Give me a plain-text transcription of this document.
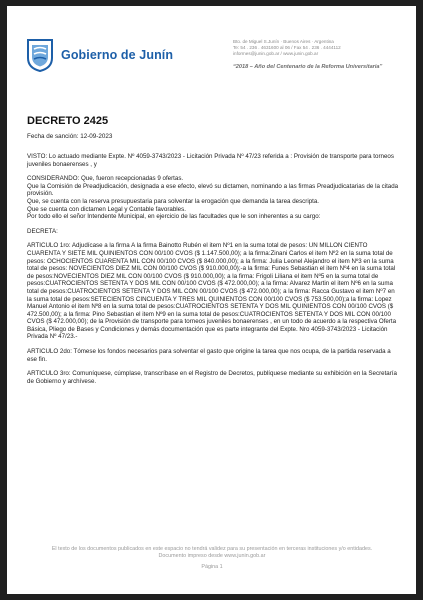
Gobierno de Junín
Bto. de Miguel S.Junín · Buenos Aires · Argentina
Te: 54 . 236 . 4631600 al 06 / Fax 54 . 236 . 4444112
informes@junin.gob.ar / www.junin.gob.ar
“2018 – Año del Centenario de la Reforma Universitaria”
DECRETO 2425
Fecha de sanción: 12-09-2023

VISTO: Lo actuado mediante Expte. Nº 4059-3743/2023 - Licitación Privada Nº 47/23 referida a : Provisión de transporte para torneos juveniles bonaerenses , y

CONSIDERANDO: Que, fueron recepcionadas 9 ofertas.
Que la Comisión de Preadjudicación, designada a ese efecto, elevó su dictamen, nominando a las firmas Preadjudicatarias de la citada provisión.
Que, se cuenta con la reserva presupuestaria para solventar la erogación que demanda la tarea descripta.
Que se cuenta con dictamen Legal y Contable favorables.
Por todo ello el señor Intendente Municipal, en ejercicio de las facultades que le son inherentes a su cargo:

DECRETA:

ARTICULO 1ro: Adjudícase a la firma A la firma Bainotto Rubén el item Nº1 en la suma total de pesos: UN MILLON CIENTO CUARENTA Y SIETE MIL QUINIENTOS CON 00/100 CVOS ($ 1.147.500,00); a la firma:Zinani Carlos el item Nº2 en la suma total de pesos: OCHOCIENTOS CUARENTA MIL CON 00/100 CVOS ($ 840.000,00); a la firma: Julia Leonel Alejandro el item Nº3 en la suma total de pesos: NOVECIENTOS DIEZ MIL CON 00/100 CVOS ($ 910.000,00);-a la firma: Funes Sebastian el item Nº4 en la suma total de pesos:NOVECIENTOS DIEZ MIL CON 00/100 CVOS ($ 910.000,00); a la firma: Frigoli Liliana el item Nº5 en la suma total de pesos:CUATROCIENTOS SETENTA Y DOS MIL CON 00/100 CVOS ($ 472.000,00); a la firma: Alvarez Martin el item Nº6 en la suma total de pesos:CUATROCIENTOS SETENTA Y DOS MIL CON 00/100 CVOS ($ 472.000,00); a la firma: Racca Gustavo el item Nº7 en la suma total de pesos:SETECIENTOS CINCUENTA Y TRES MIL QUINIENTOS CON 00/100 CVOS ($ 753.500,00);a la firma: Lopez Manuel Antonio el item Nº8 en la suma total de pesos:CUATROCIENTOS SETENTA Y DOS MIL QUINIENTOS CON 00/100 CVOS ($ 472.500,00); a la firma: Pino Sebastian el item Nº9 en la suma total de pesos:CUATROCIENTOS SETENTA Y DOS MIL CON 00/100 CVOS ($ 472.000,00); de la Provisión de transporte para torneos juveniles bonaerenses , en un todo de acuerdo a la respectiva Oferta Básica, Pliego de Bases y Condiciones y demás documentación que es parte integrante del Expte. Nro 4059-3743/2023 - Licitación Privada Nº 47/23.-

ARTICULO 2do: Tómese los fondos necesarios para solventar el gasto que origine la tarea que nos ocupa, de la partida reservada a ese fin.

ARTICULO 3ro: Comuníquese, cúmplase, transcríbase en el Registro de Decretos, publíquese mediante su exhibición en la Secretaría de Gobierno y archívese.

El texto de los documentos publicados en este espacio no tendrá validez para su presentación en terceras instituciones y/o entidades.
Documento impreso desde www.junin.gob.ar
Página 1
